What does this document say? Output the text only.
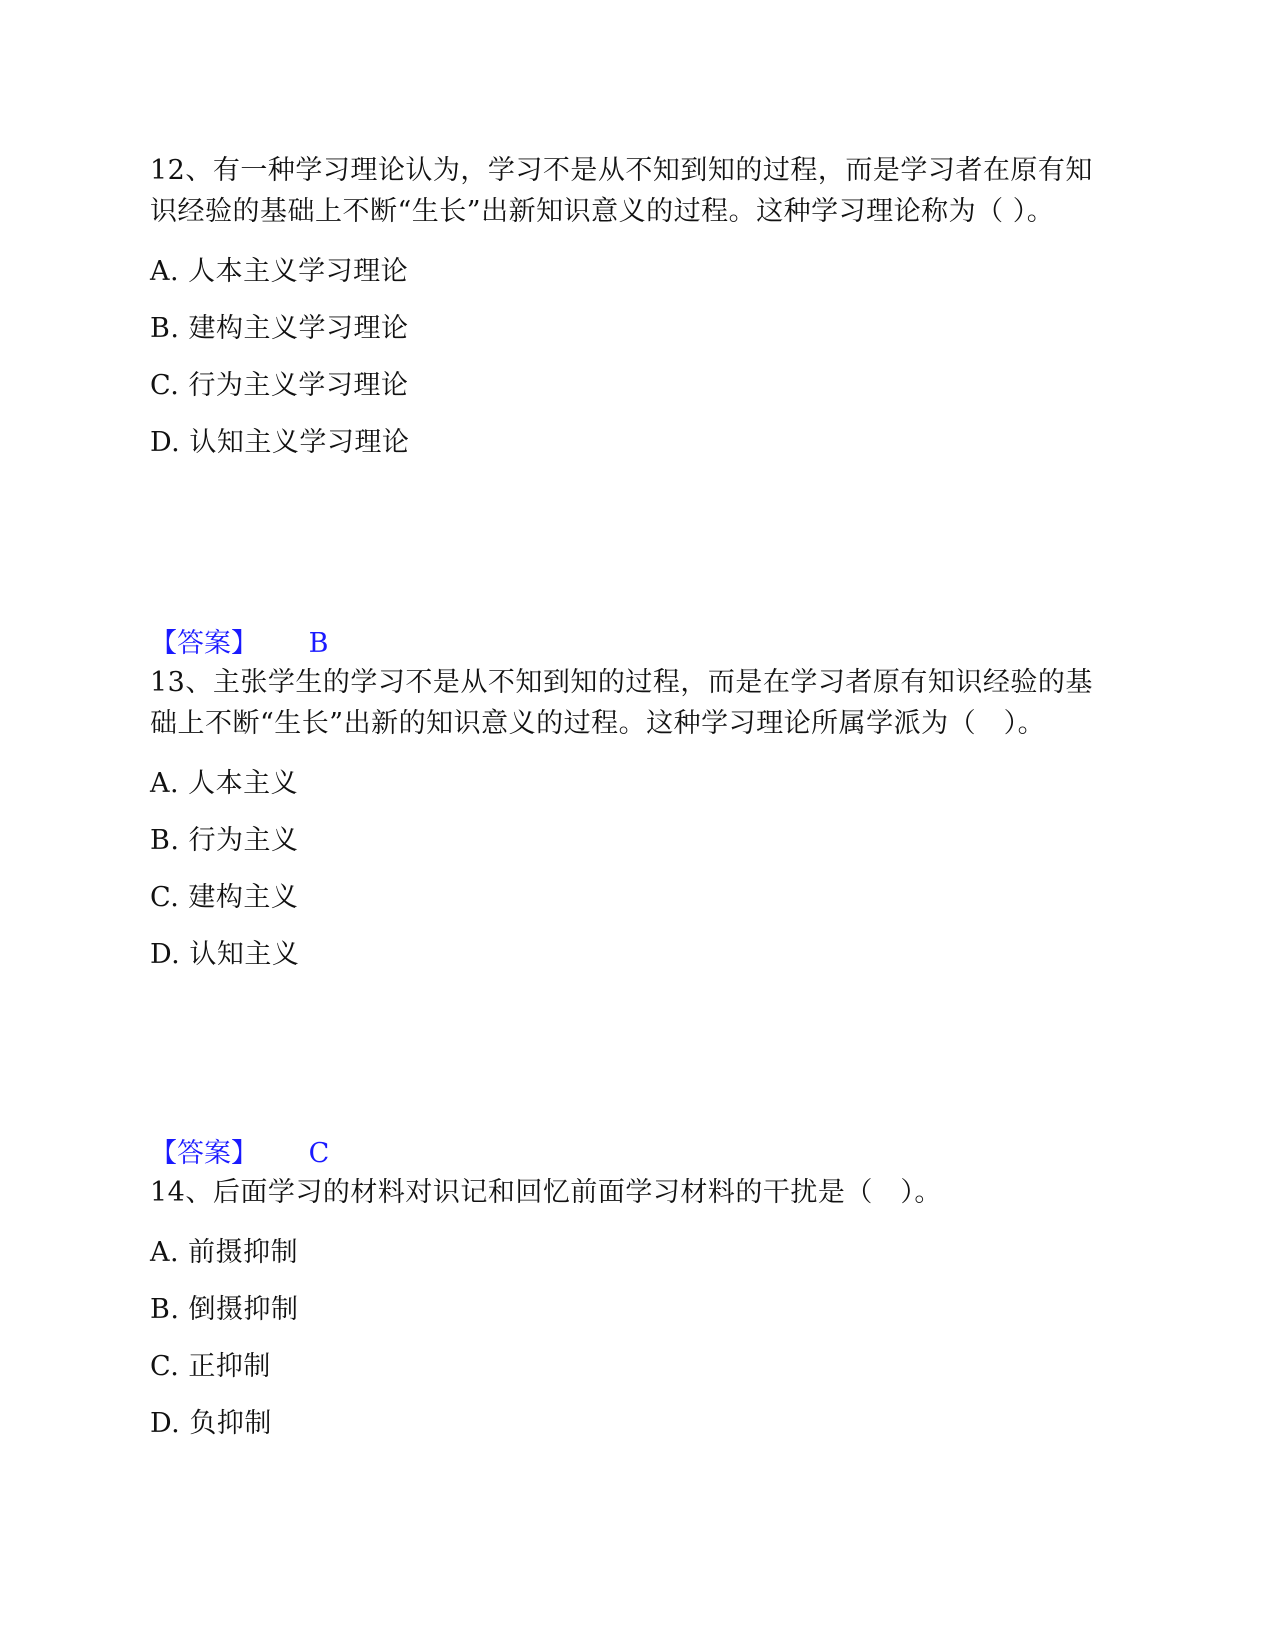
12、有一种学习理论认为，学习不是从不知到知的过程，而是学习者在原有知识经验的基础上不断“生长”出新知识意义的过程。这种学习理论称为（ ）。

A. 人本主义学习理论
B. 建构主义学习理论
C. 行为主义学习理论
D. 认知主义学习理论
【答案】 B

13、主张学生的学习不是从不知到知的过程，而是在学习者原有知识经验的基础上不断“生长”出新的知识意义的过程。这种学习理论所属学派为（　）。

A. 人本主义
B. 行为主义
C. 建构主义
D. 认知主义
【答案】 C

14、后面学习的材料对识记和回忆前面学习材料的干扰是（　）。

A. 前摄抑制
B. 倒摄抑制
C. 正抑制
D. 负抑制
